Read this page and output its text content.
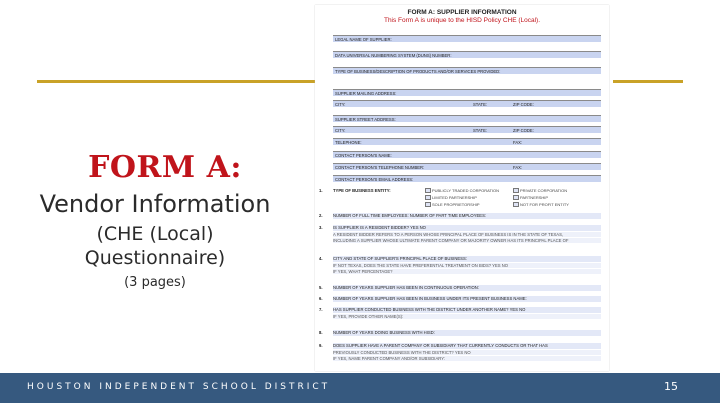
FORM A:
Vendor Information
(CHE (Local)
Questionnaire)
(3 pages)
FORM A: SUPPLIER INFORMATION
This Form A is unique to the HISD Policy CHE (Local).
LEGAL NAME OF SUPPLIER:
DATA UNIVERSAL NUMBERING SYSTEM (DUNS) NUMBER:
TYPE OF BUSINESS/DESCRIPTION OF PRODUCTS AND/OR SERVICES PROVIDED:
SUPPLIER MAILING ADDRESS:
CITY:	STATE:	ZIP CODE:
SUPPLIER STREET ADDRESS:
CITY:	STATE:	ZIP CODE:
TELEPHONE:	FAX:
CONTACT PERSON'S NAME:
CONTACT PERSON'S TELEPHONE NUMBER:	FAX:
CONTACT PERSON'S EMAIL ADDRESS:
1.	TYPE OF BUSINESS ENTITY:	PUBLICLY TRADED CORPORATION	PRIVATE CORPORATION
LIMITED PARTNERSHIP	PARTNERSHIP
SOLE PROPRIETORSHIP	NOT FOR PROFIT ENTITY
2.	NUMBER OF FULL TIME EMPLOYEES: NUMBER OF PART TIME EMPLOYEES:
3.	IS SUPPLIER IS A RESIDENT BIDDER? YES NO
A RESIDENT BIDDER REFERS TO A PERSON WHOSE PRINCIPAL PLACE OF BUSINESS IS IN THE STATE OF TEXAS,
INCLUDING A SUPPLIER WHOSE ULTIMATE PARENT COMPANY OR MAJORITY OWNER HAS ITS PRINCIPAL PLACE OF
4.	CITY AND STATE OF SUPPLIER'S PRINCIPAL PLACE OF BUSINESS:
IF NOT TEXAS, DOES THE STATE HAVE PREFERENTIAL TREATMENT ON BIDS? YES NO
IF YES, WHAT PERCENTAGE?
5.	NUMBER OF YEARS SUPPLIER HAS BEEN IN CONTINUOUS OPERATION:
6.	NUMBER OF YEARS SUPPLIER HAS BEEN IN BUSINESS UNDER ITS PRESENT BUSINESS NAME:
7.	HAS SUPPLIER CONDUCTED BUSINESS WITH THE DISTRICT UNDER ANOTHER NAME? YES NO
IF YES, PROVIDE OTHER NAME(S):
8.	NUMBER OF YEARS DOING BUSINESS WITH HISD:
9.	DOES SUPPLIER HAVE A PARENT COMPANY OR SUBSIDIARY THAT CURRENTLY CONDUCTS OR THAT HAS
PREVIOUSLY CONDUCTED BUSINESS WITH THE DISTRICT? YES NO
IF YES, NAME PARENT COMPANY AND/OR SUBSIDIARY:
HOUSTON INDEPENDENT SCHOOL DISTRICT	15
